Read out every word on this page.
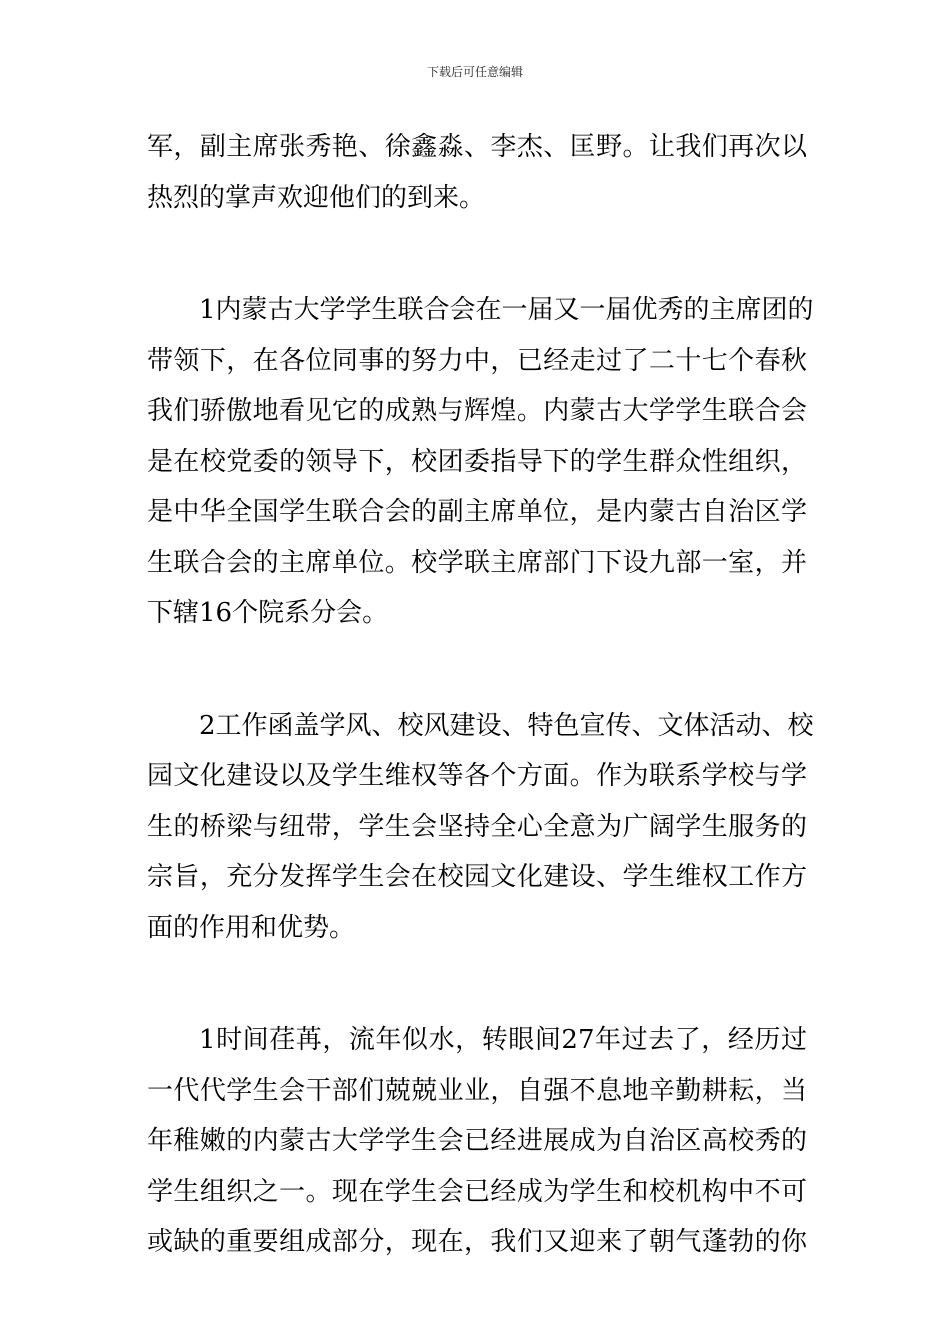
下载后可任意编辑
军，副主席张秀艳、徐鑫淼、李杰、匡野。让我们再次以
热烈的掌声欢迎他们的到来。
1内蒙古大学学生联合会在一届又一届优秀的主席团的
带领下，在各位同事的努力中，已经走过了二十七个春秋
我们骄傲地看见它的成熟与辉煌。内蒙古大学学生联合会
是在校党委的领导下，校团委指导下的学生群众性组织，
是中华全国学生联合会的副主席单位，是内蒙古自治区学
生联合会的主席单位。校学联主席部门下设九部一室，并
下辖16个院系分会。
2工作函盖学风、校风建设、特色宣传、文体活动、校
园文化建设以及学生维权等各个方面。作为联系学校与学
生的桥梁与纽带，学生会坚持全心全意为广阔学生服务的
宗旨，充分发挥学生会在校园文化建设、学生维权工作方
面的作用和优势。
1时间荏苒，流年似水，转眼间27年过去了，经历过
一代代学生会干部们兢兢业业，自强不息地辛勤耕耘，当
年稚嫩的内蒙古大学学生会已经进展成为自治区高校秀的
学生组织之一。现在学生会已经成为学生和校机构中不可
或缺的重要组成部分，现在，我们又迎来了朝气蓬勃的你
